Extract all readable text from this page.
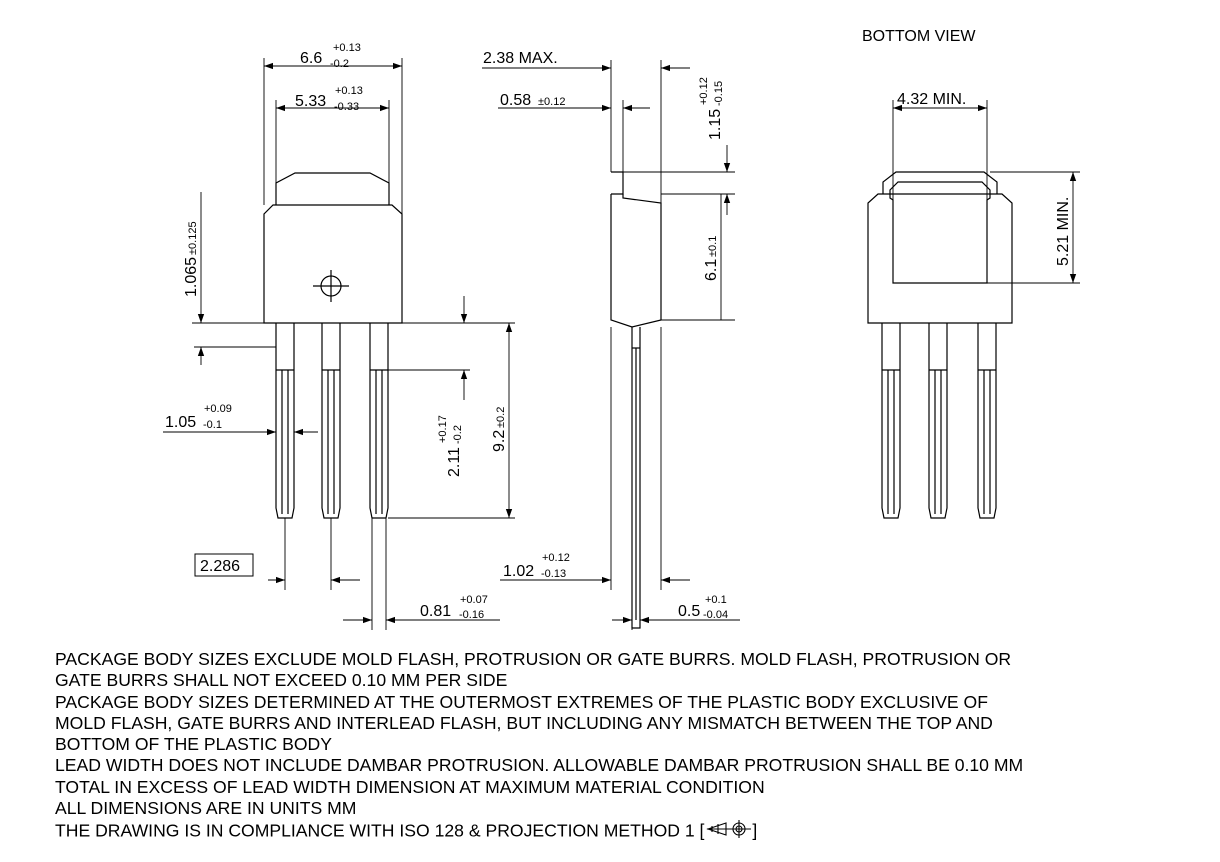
BOTTOM VIEW
6.6
+0.13
-0.2
5.33
+0.13
-0.33
1.065
±0.125
1.05
+0.09
-0.1
2.286
0.81
+0.07
-0.16
2.11
+0.17 -0.2 9.2
±0.2
2.38 MAX.
0.58 ±0.12
1.15
+0.12 -0.15
6.1
±0.1
1.02
+0.12
-0.13
0.5
+0.1
-0.04
4.32 MIN.
5.21 MIN.
PACKAGE BODY SIZES EXCLUDE MOLD FLASH, PROTRUSION OR GATE BURRS. MOLD FLASH, PROTRUSION OR
GATE BURRS SHALL NOT EXCEED 0.10 MM PER SIDE
PACKAGE BODY SIZES DETERMINED AT THE OUTERMOST EXTREMES OF THE PLASTIC BODY EXCLUSIVE OF
MOLD FLASH, GATE BURRS AND INTERLEAD FLASH, BUT INCLUDING ANY MISMATCH BETWEEN THE TOP AND
BOTTOM OF THE PLASTIC BODY
LEAD WIDTH DOES NOT INCLUDE DAMBAR PROTRUSION. ALLOWABLE DAMBAR PROTRUSION SHALL BE 0.10 MM
TOTAL IN EXCESS OF LEAD WIDTH DIMENSION AT MAXIMUM MATERIAL CONDITION
ALL DIMENSIONS ARE IN UNITS MM
THE DRAWING IS IN COMPLIANCE WITH ISO 128 & PROJECTION METHOD 1 [	]
